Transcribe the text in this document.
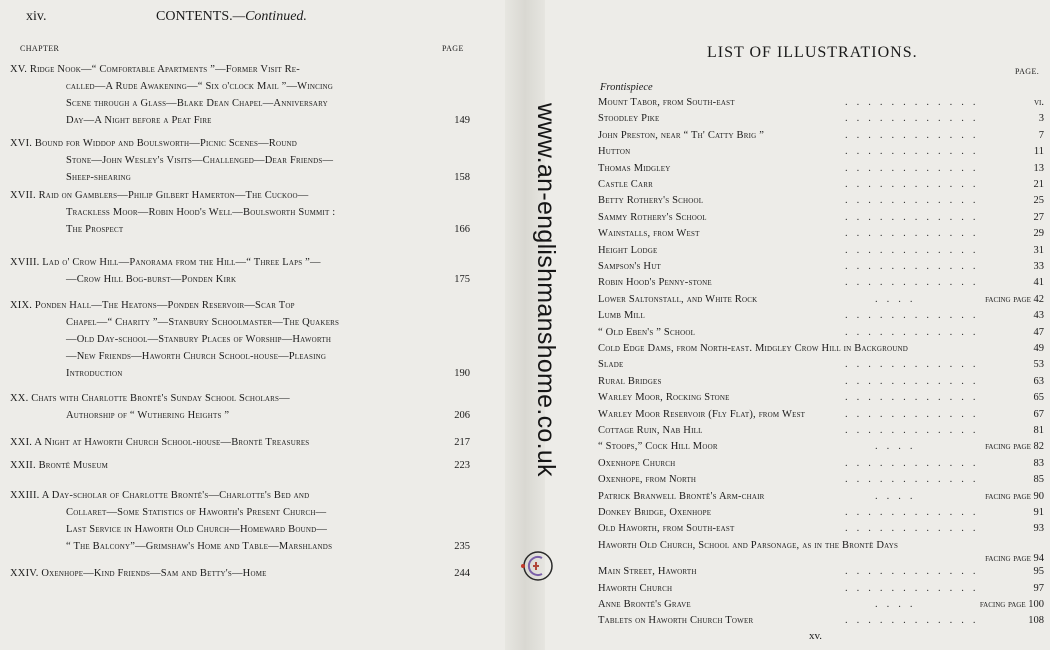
xiv.	CONTENTS.—Continued.
CHAPTER	PAGE
XV. Ridge Nook—“ Comfortable Apartments ”—Former Visit Re-
called—A Rude Awakening—“ Six o'clock Mail ”—Wincing
Scene through a Glass—Blake Dean Chapel—Anniversary
Day—A Night before a Peat Fire	149
XVI. Bound for Widdop and Boulsworth—Picnic Scenes—Round
Stone—John Wesley's Visits—Challenged—Dear Friends—
Sheep-shearing	158
XVII. Raid on Gamblers—Philip Gilbert Hamerton—The Cuckoo—
Trackless Moor—Robin Hood's Well—Boulsworth Summit :
The Prospect	166
XVIII. Lad o' Crow Hill—Panorama from the Hill—“ Three Laps ”—
—Crow Hill Bog-burst—Ponden Kirk	175
XIX. Ponden Hall—The Heatons—Ponden Reservoir—Scar Top
Chapel—“ Charity ”—Stanbury Schoolmaster—The Quakers
—Old Day-school—Stanbury Places of Worship—Haworth
—New Friends—Haworth Church School-house—Pleasing
Introduction	190
XX. Chats with Charlotte Brontë's Sunday School Scholars—
Authorship of “ Wuthering Heights ”	206
XXI. A Night at Haworth Church School-house—Brontë Treasures	217
XXII. Brontë Museum	223
XXIII. A Day-scholar of Charlotte Brontë's—Charlotte's Bed and
Collaret—Some Statistics of Haworth's Present Church—
Last Service in Haworth Old Church—Homeward Bound—
“ The Balcony”—Grimshaw's Home and Table—Marshlands	235
XXIV. Oxenhope—Kind Friends—Sam and Betty's—Home	244
LIST OF ILLUSTRATIONS.
PAGE.
Frontispiece
Mount Tabor, from South-east	............	vi.
Stoodley Pike	............	3
John Preston, near “ Th' Catty Brig ”	............	7
Hutton	............	11
Thomas Midgley	............	13
Castle Carr	............	21
Betty Rothery's School	............	25
Sammy Rothery's School	............	27
Wainstalls, from West	............	29
Height Lodge	............	31
Sampson's Hut	............	33
Robin Hood's Penny-stone	............	41
Lower Saltonstall, and White Rock	....	facing page 42
Lumb Mill	............	43
“ Old Eben's ” School	............	47
Cold Edge Dams, from North-east. Midgley Crow Hill in Background	49
Slade	............	53
Rural Bridges	............	63
Warley Moor, Rocking Stone	............	65
Warley Moor Reservoir (Fly Flat), from West	............	67
Cottage Ruin, Nab Hill	............	81
“ Stoops,” Cock Hill Moor	....	facing page 82
Oxenhope Church	............	83
Oxenhope, from North	............	85
Patrick Branwell Brontë's Arm-chair	....	facing page 90
Donkey Bridge, Oxenhope	............	91
Old Haworth, from South-east	............	93
Haworth Old Church, School and Parsonage, as in the Brontë Days
facing page 94
Main Street, Haworth	............	95
Haworth Church	............	97
Anne Brontë's Grave	....	facing page 100
Tablets on Haworth Church Tower	............	108
xv.
www.an-englishmanshome.co.uk
